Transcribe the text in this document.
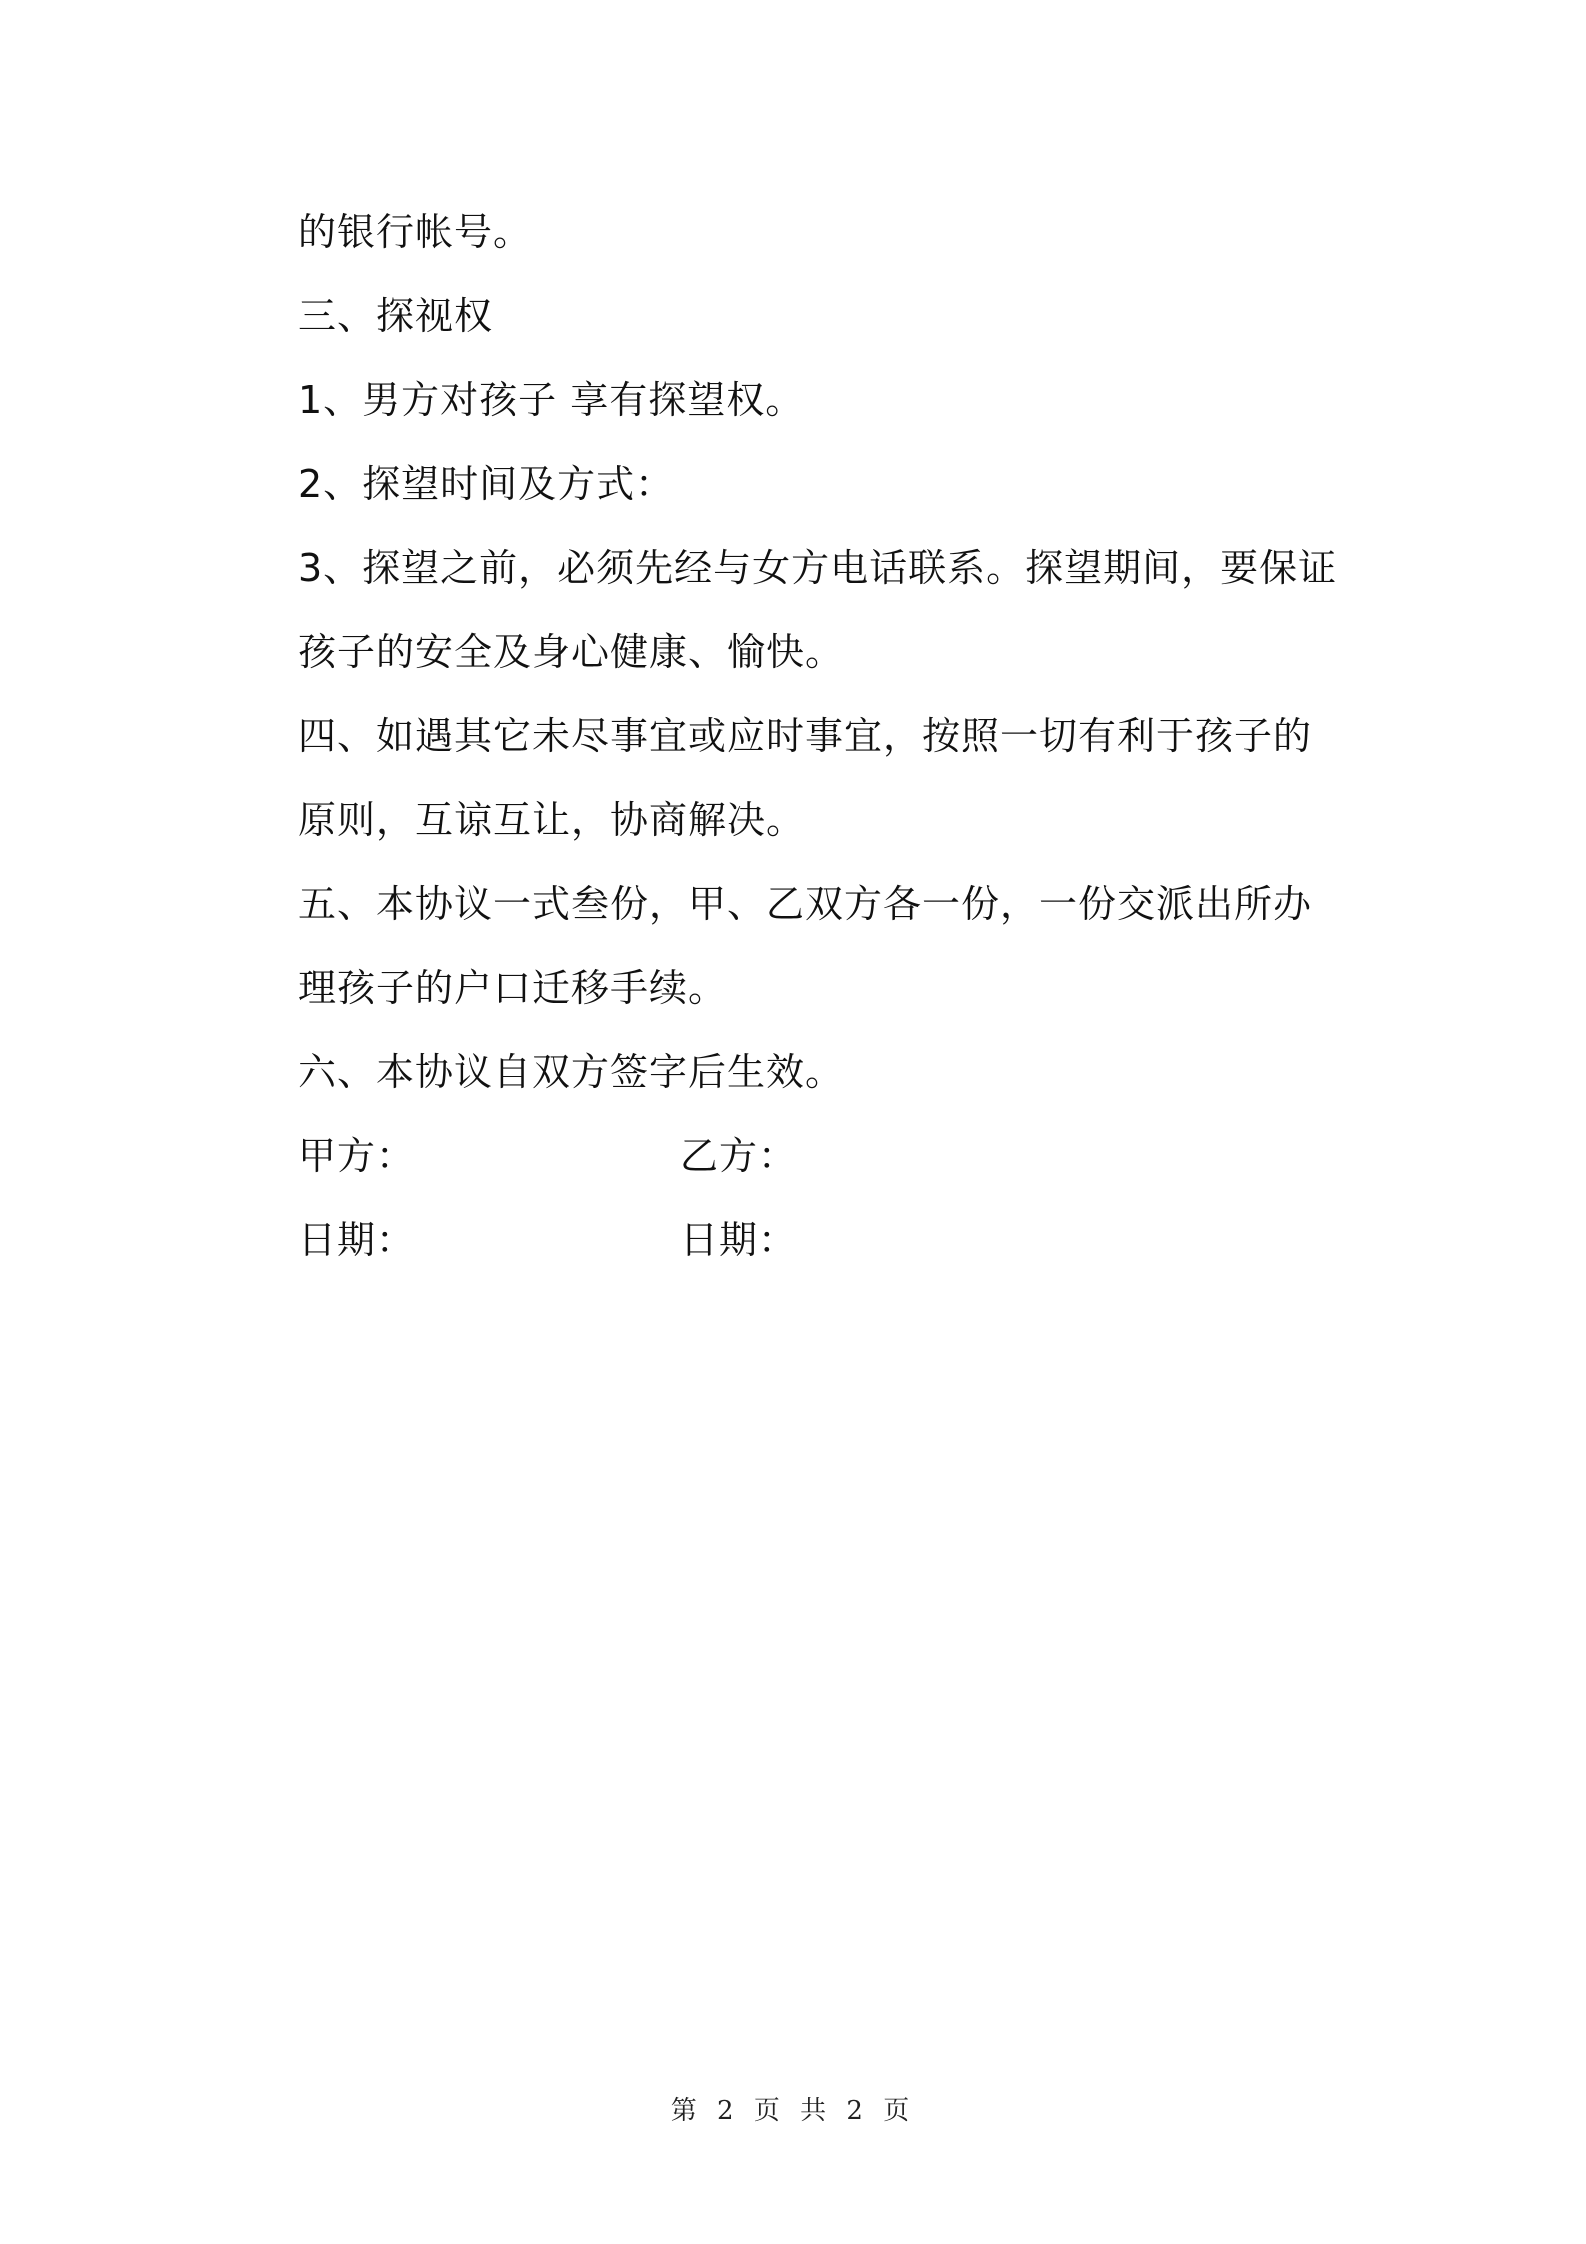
的银行帐号。

三、探视权

1、男方对孩子 享有探望权。

2、探望时间及方式：

3、探望之前，必须先经与女方电话联系。探望期间，要保证

孩子的安全及身心健康、愉快。

四、如遇其它未尽事宜或应时事宜，按照一切有利于孩子的

原则，互谅互让，协商解决。

五、本协议一式叁份，甲、乙双方各一份，一份交派出所办

理孩子的户口迁移手续。

六、本协议自双方签字后生效。

甲方：	乙方：
日期：	日期：
第 2 页 共 2 页
